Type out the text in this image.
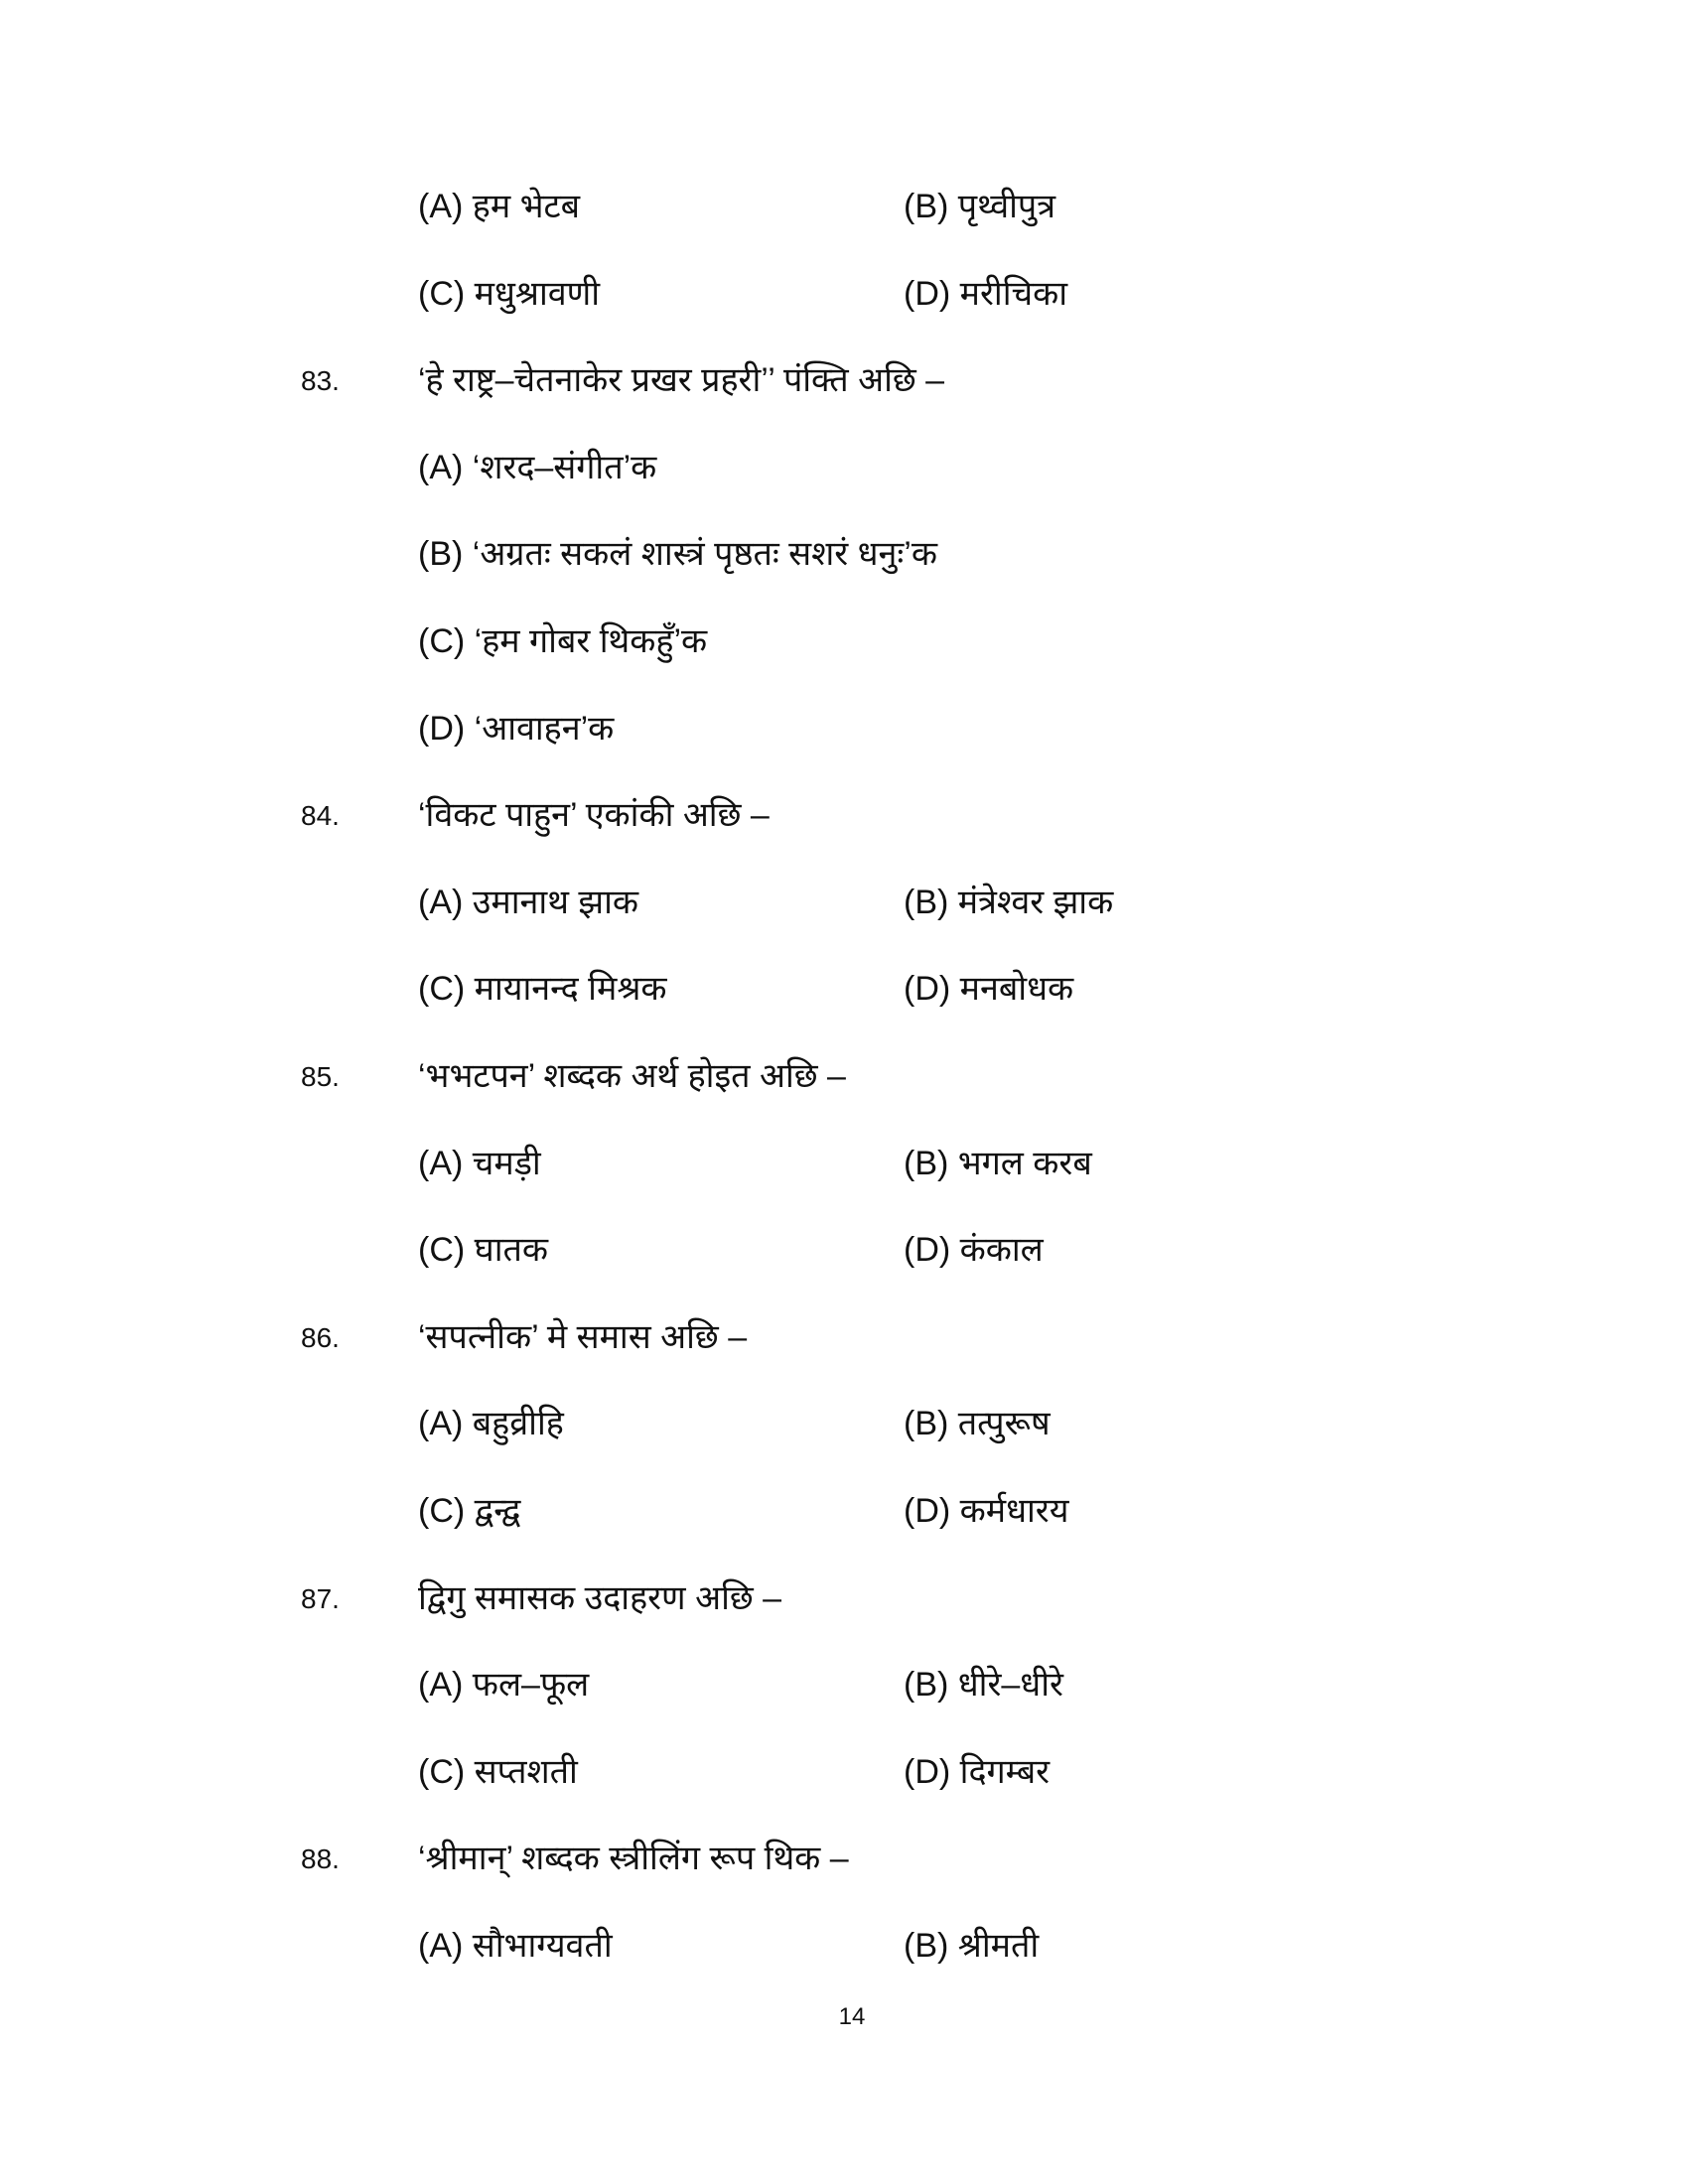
(A) हम भेटब	(B) पृथ्वीपुत्र
(C) मधुश्रावणी	(D) मरीचिका
83. ‘हे राष्ट्र–चेतनाकेर प्रखर प्रहरी’’ पंक्ति अछि –
(A) ‘शरद–संगीत’क
(B) ‘अग्रतः सकलं शास्त्रं पृष्ठतः सशरं धनुः’क
(C) ‘हम गोबर थिकहुँ’क
(D) ‘आवाहन’क
84. ‘विकट पाहुन’ एकांकी अछि –
(A) उमानाथ झाक	(B) मंत्रेश्वर झाक
(C) मायानन्द मिश्रक	(D) मनबोधक
85. ‘भभटपन’ शब्दक अर्थ होइत अछि –
(A) चमड़ी	(B) भगल करब
(C) घातक	(D) कंकाल
86. ‘सपत्नीक’ मे समास अछि –
(A) बहुव्रीहि	(B) तत्पुरूष
(C) द्वन्द्व	(D) कर्मधारय
87. द्विगु समासक उदाहरण अछि –
(A) फल–फूल	(B) धीरे–धीरे
(C) सप्तशती	(D) दिगम्बर
88. ‘श्रीमान्’ शब्दक स्त्रीलिंग रूप थिक –
(A) सौभाग्यवती	(B) श्रीमती
14
